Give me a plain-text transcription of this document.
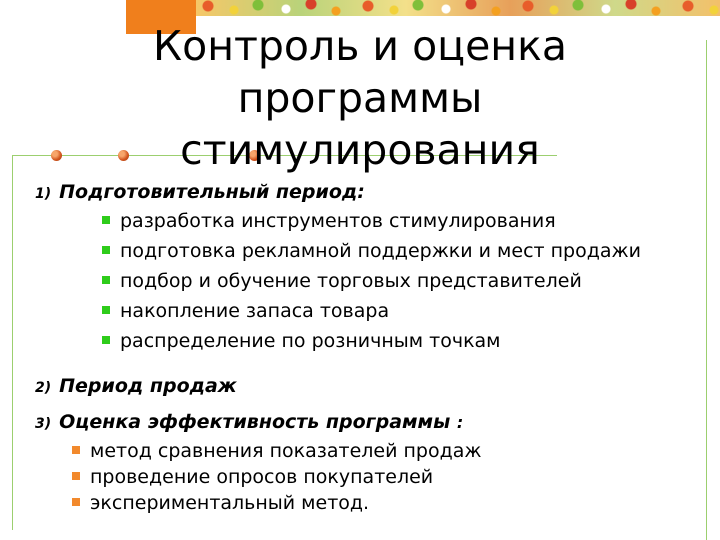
Контроль и оценка
программы
стимулирования
1) Подготовительный период:
разработка инструментов стимулирования
подготовка рекламной поддержки и мест продажи
подбор и обучение торговых представителей
накопление запаса товара
распределение по розничным точкам
2) Период продаж
3) Оценка эффективность программы :
метод сравнения показателей продаж
проведение опросов покупателей
экспериментальный метод.
